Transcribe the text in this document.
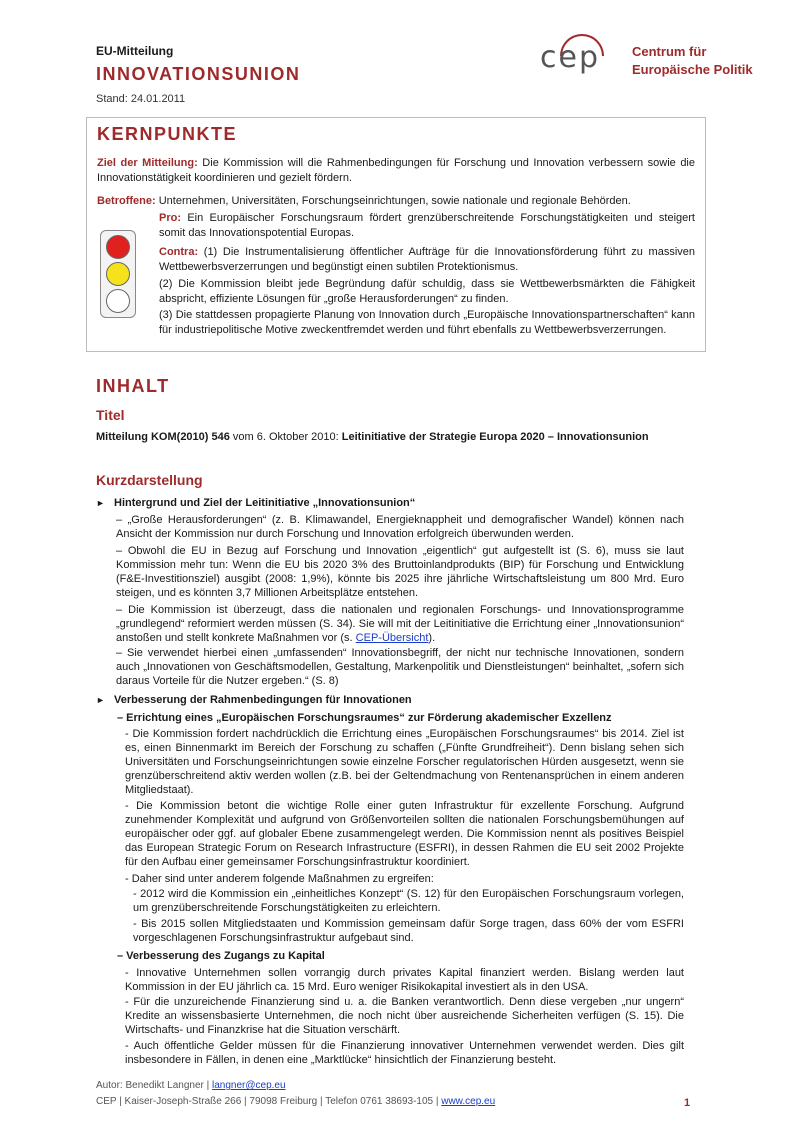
EU-Mitteilung
INNOVATIONSUNION
Stand: 24.01.2011
cep Centrum für
Europäische Politik
KERNPUNKTE
Ziel der Mitteilung: Die Kommission will die Rahmenbedingungen für Forschung und Innovation verbessern sowie die Innovationstätigkeit koordinieren und gezielt fördern.
Betroffene: Unternehmen, Universitäten, Forschungseinrichtungen, sowie nationale und regionale Behörden.
Pro: Ein Europäischer Forschungsraum fördert grenzüberschreitende Forschungstätigkeiten und steigert somit das Innovationspotential Europas.
Contra: (1) Die Instrumentalisierung öffentlicher Aufträge für die Innovationsförderung führt zu massiven Wettbewerbsverzerrungen und begünstigt einen subtilen Protektionismus.
(2) Die Kommission bleibt jede Begründung dafür schuldig, dass sie Wettbewerbsmärkten die Fähigkeit abspricht, effiziente Lösungen für „große Herausforderungen“ zu finden.
(3) Die stattdessen propagierte Planung von Innovation durch „Europäische Innovationspartnerschaften“ kann für industriepolitische Motive zweckentfremdet werden und führt ebenfalls zu Wettbewerbsverzerrungen.
INHALT
Titel
Mitteilung KOM(2010) 546 vom 6. Oktober 2010: Leitinitiative der Strategie Europa 2020 – Innovationsunion
Kurzdarstellung
► Hintergrund und Ziel der Leitinitiative „Innovationsunion“
– „Große Herausforderungen“ (z. B. Klimawandel, Energieknappheit und demografischer Wandel) können nach Ansicht der Kommission nur durch Forschung und Innovation erfolgreich überwunden werden.
– Obwohl die EU in Bezug auf Forschung und Innovation „eigentlich“ gut aufgestellt ist (S. 6), muss sie laut Kommission mehr tun: Wenn die EU bis 2020 3% des Bruttoinlandprodukts (BIP) für Forschung und Entwicklung (F&E-Investitionsziel) ausgibt (2008: 1,9%), könnte bis 2025 ihre jährliche Wirtschaftsleistung um 800 Mrd. Euro steigen, und es könnten 3,7 Millionen Arbeitsplätze entstehen.
– Die Kommission ist überzeugt, dass die nationalen und regionalen Forschungs- und Innovationsprogramme „grundlegend“ reformiert werden müssen (S. 34). Sie will mit der Leitinitiative die Errichtung einer „Innovationsunion“ anstoßen und stellt konkrete Maßnahmen vor (s. CEP-Übersicht).
– Sie verwendet hierbei einen „umfassenden“ Innovationsbegriff, der nicht nur technische Innovationen, sondern auch „Innovationen von Geschäftsmodellen, Gestaltung, Markenpolitik und Dienstleistungen“ beinhaltet, „sofern sich daraus Vorteile für die Nutzer ergeben.“ (S. 8)
► Verbesserung der Rahmenbedingungen für Innovationen
– Errichtung eines „Europäischen Forschungsraumes“ zur Förderung akademischer Exzellenz
- Die Kommission fordert nachdrücklich die Errichtung eines „Europäischen Forschungsraumes“ bis 2014. Ziel ist es, einen Binnenmarkt im Bereich der Forschung zu schaffen („Fünfte Grundfreiheit“). Denn bislang sehen sich Universitäten und Forschungseinrichtungen sowie einzelne Forscher regulatorischen Hürden ausgesetzt, wenn sie grenzüberschreitend aktiv werden wollen (z.B. bei der Geltendmachung von Rentenansprüchen in einem anderen Mitgliedstaat).
- Die Kommission betont die wichtige Rolle einer guten Infrastruktur für exzellente Forschung. Aufgrund zunehmender Komplexität und aufgrund von Größenvorteilen sollten die nationalen Forschungsbemühungen auf europäischer oder ggf. auf globaler Ebene zusammengelegt werden. Die Kommission nennt als positives Beispiel das European Strategic Forum on Research Infrastructure (ESFRI), in dessen Rahmen die EU seit 2002 Projekte für den Aufbau einer gemeinsamer Forschungsinfrastruktur koordiniert.
- Daher sind unter anderem folgende Maßnahmen zu ergreifen:
- 2012 wird die Kommission ein „einheitliches Konzept“ (S. 12) für den Europäischen Forschungsraum vorlegen, um grenzüberschreitende Forschungstätigkeiten zu erleichtern.
- Bis 2015 sollen Mitgliedstaaten und Kommission gemeinsam dafür Sorge tragen, dass 60% der vom ESFRI vorgeschlagenen Forschungsinfrastruktur aufgebaut sind.
– Verbesserung des Zugangs zu Kapital
- Innovative Unternehmen sollen vorrangig durch privates Kapital finanziert werden. Bislang werden laut Kommission in der EU jährlich ca. 15 Mrd. Euro weniger Risikokapital investiert als in den USA.
- Für die unzureichende Finanzierung sind u. a. die Banken verantwortlich. Denn diese vergeben „nur ungern“ Kredite an wissensbasierte Unternehmen, die noch nicht über ausreichende Sicherheiten verfügen (S. 15). Die Wirtschafts- und Finanzkrise hat die Situation verschärft.
- Auch öffentliche Gelder müssen für die Finanzierung innovativer Unternehmen verwendet werden. Dies gilt insbesondere in Fällen, in denen eine „Marktlücke“ hinsichtlich der Finanzierung besteht.
Autor: Benedikt Langner | langner@cep.eu
CEP | Kaiser-Joseph-Straße 266 | 79098 Freiburg | Telefon 0761 38693-105 | www.cep.eu	1
